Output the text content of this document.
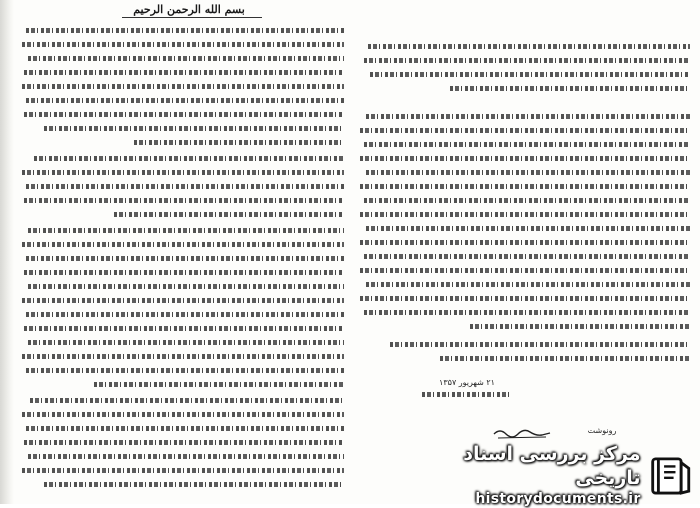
بسم الله الرحمن الرحیم
۲۱ شهریور ۱۳۵۷
رونوشت
مرکز بررسی اسناد تاریخی
historydocuments.ir
